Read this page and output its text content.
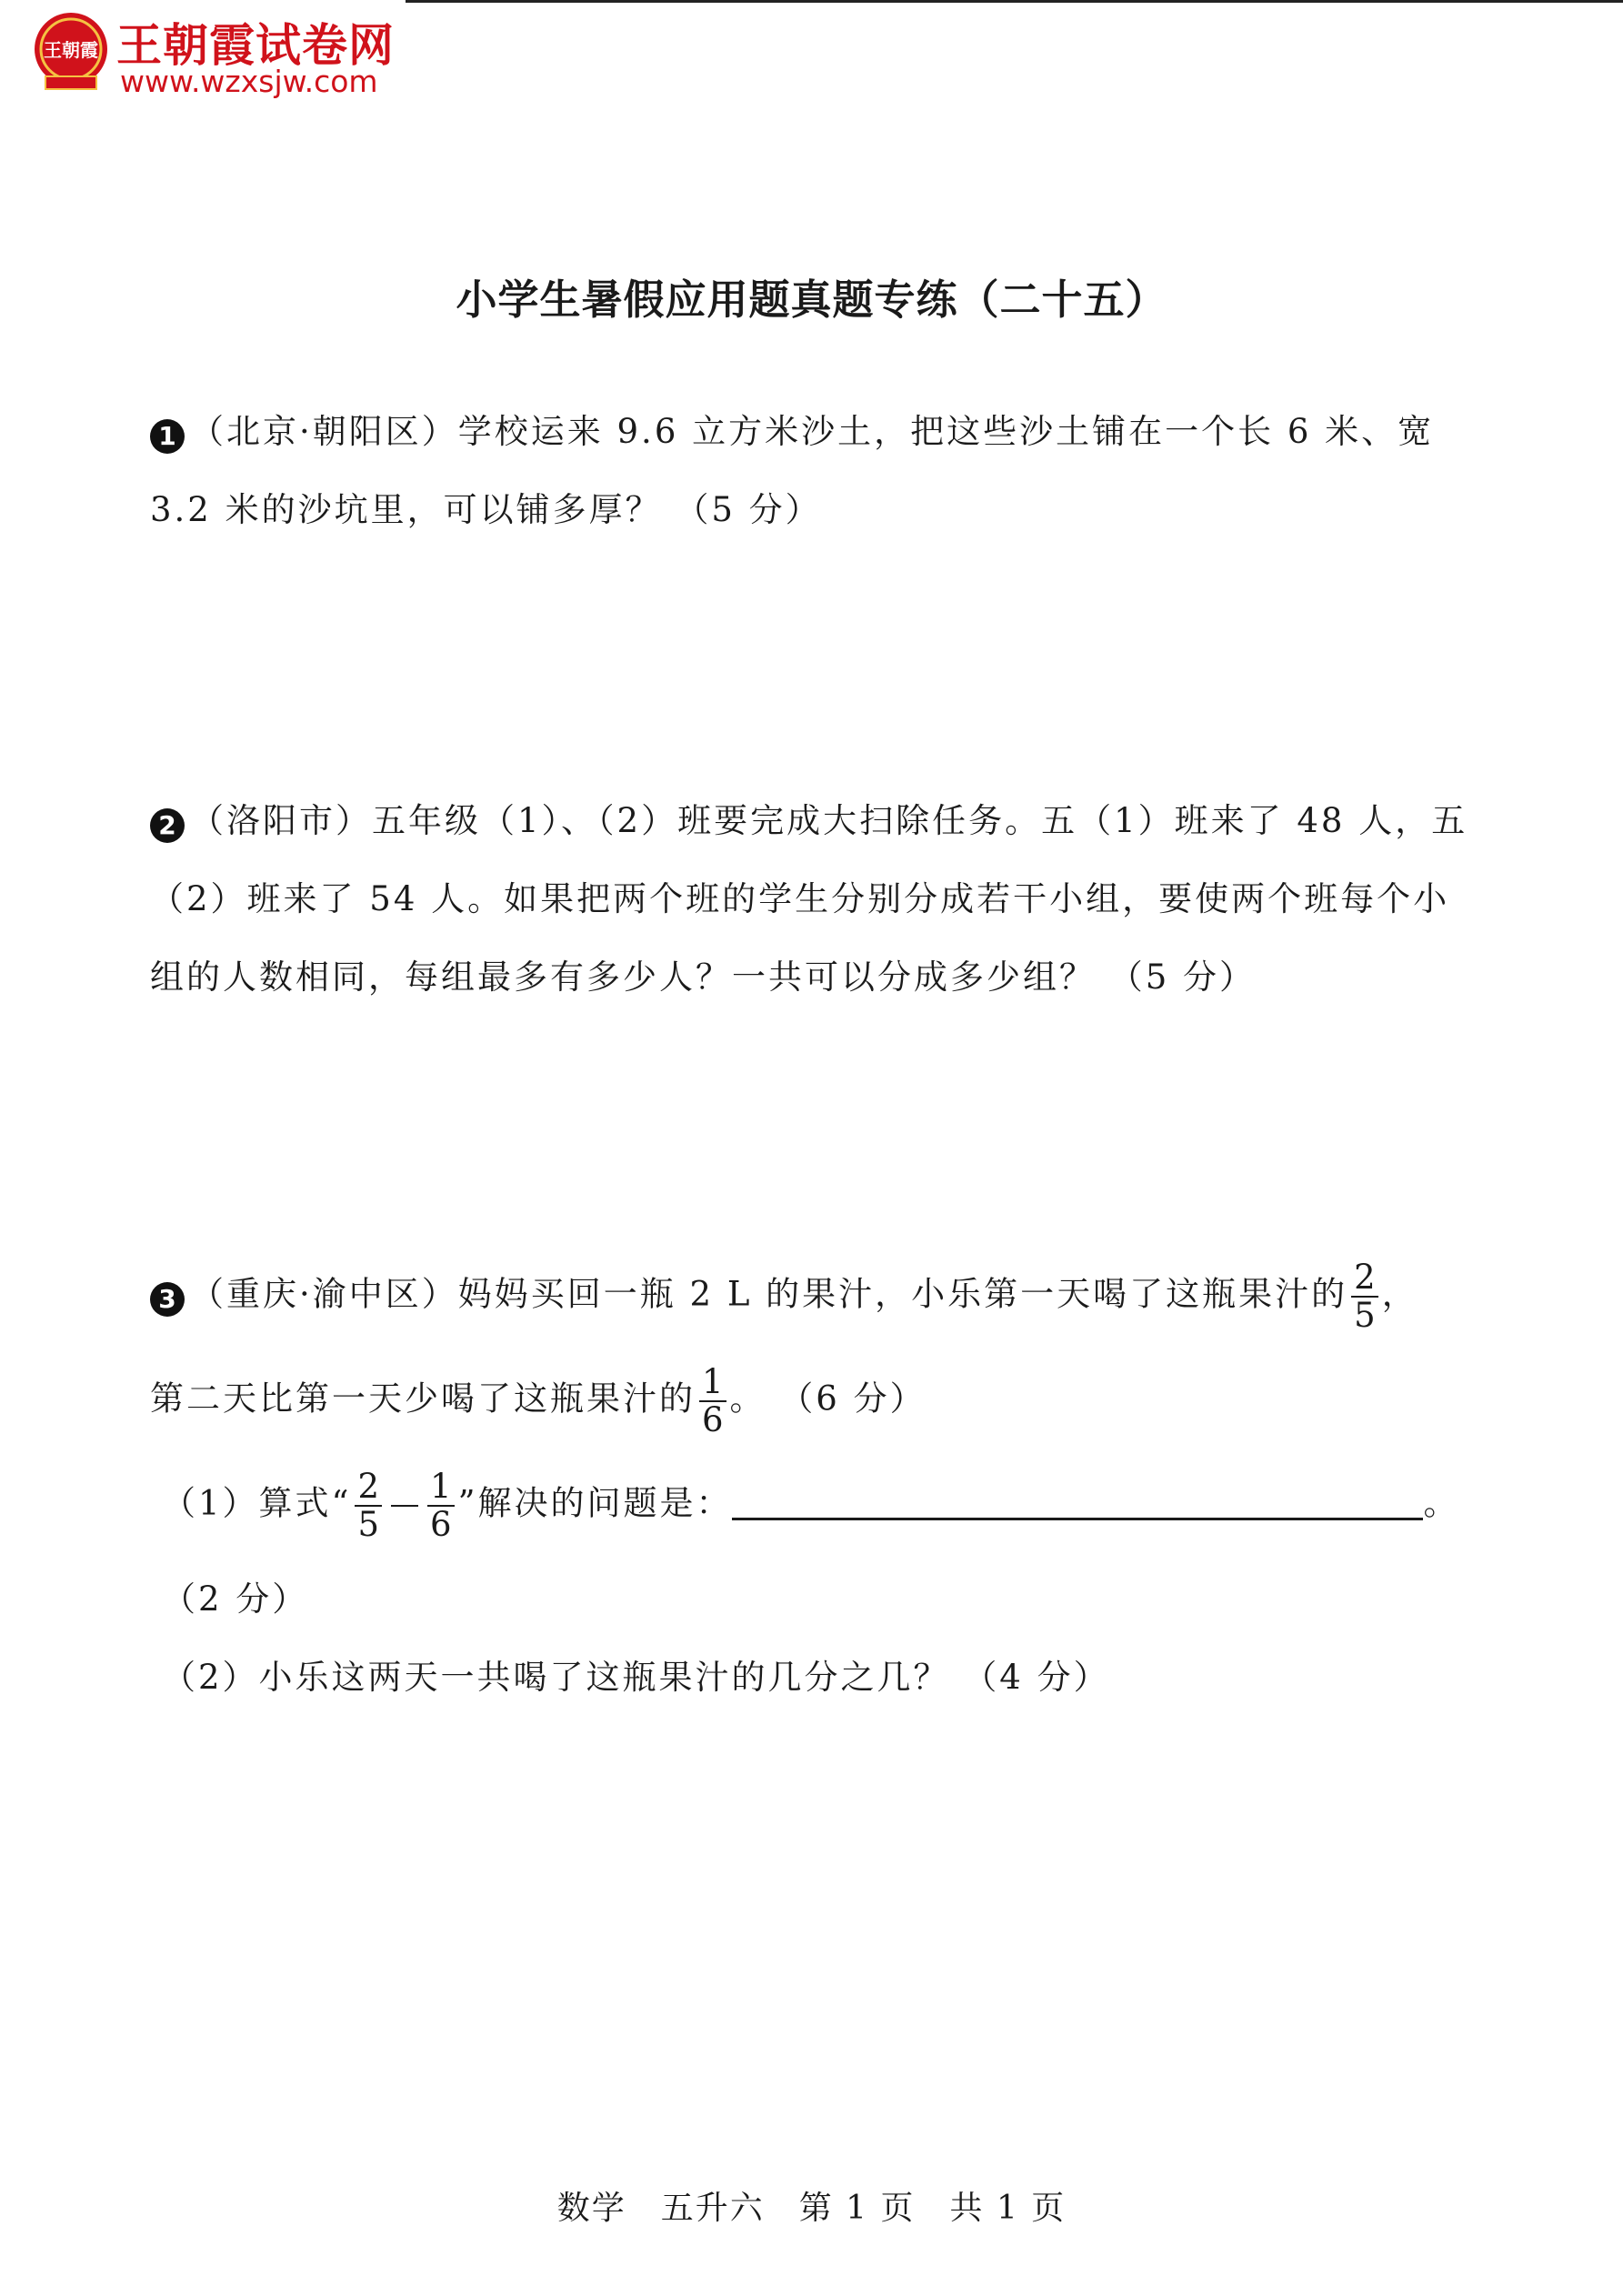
王朝霞 王朝霞试卷网
www.wzxsjw.com
小学生暑假应用题真题专练（二十五）
1 （北京·朝阳区）学校运来 9.6 立方米沙土，把这些沙土铺在一个长 6 米、宽
3.2 米的沙坑里，可以铺多厚？ （5 分）
2 （洛阳市）五年级（1）、（2）班要完成大扫除任务。五（1）班来了 48 人，五
（2）班来了 54 人。如果把两个班的学生分别分成若干小组，要使两个班每个小
组的人数相同，每组最多有多少人？一共可以分成多少组？ （5 分）
3 （重庆·渝中区）妈妈买回一瓶 2 L 的果汁，小乐第一天喝了这瓶果汁的 $\frac{2}{5}$ ，
第二天比第一天少喝了这瓶果汁的 $\frac{1}{6}$ 。 （6 分）
（1）算式“ $\frac{2}{5} \frac{1}{6}$ ”解决的问题是：	。
（2 分）
（2）小乐这两天一共喝了这瓶果汁的几分之几？ （4 分）
数学　五升六　第 1 页　共 1 页
